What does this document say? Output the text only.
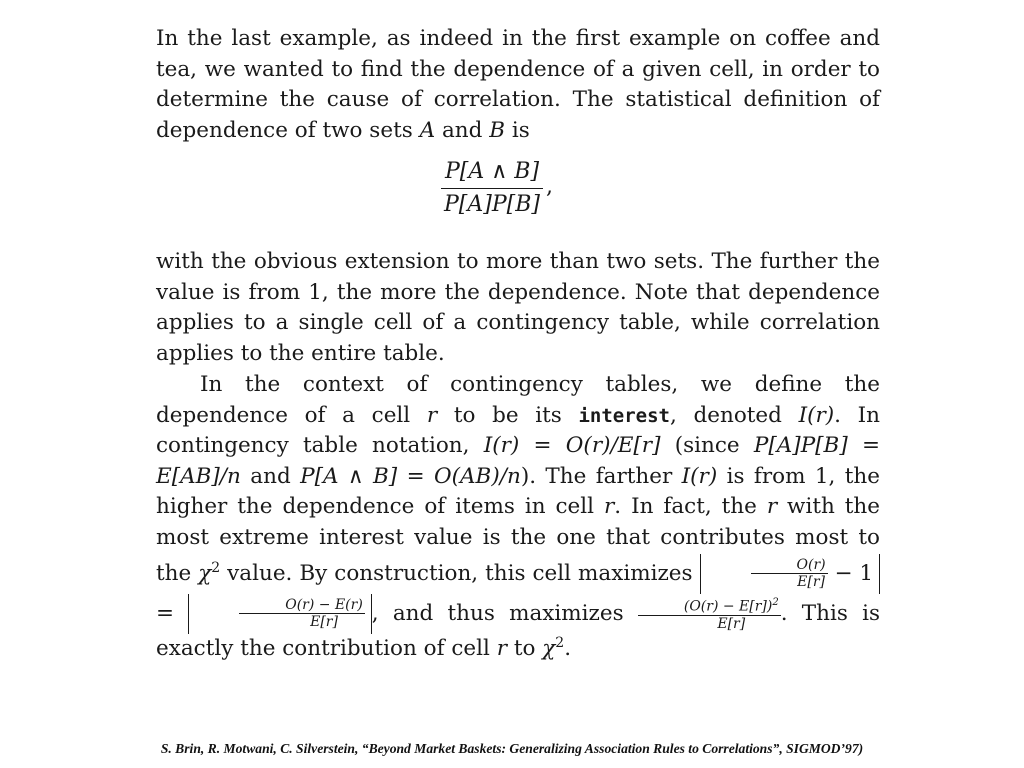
In the last example, as indeed in the first example on coffee and tea, we wanted to find the dependence of a given cell, in order to determine the cause of correlation. The statistical definition of dependence of two sets A and B is
$\frac{P[A \wedge B]}{P[A]P[B]}$ ,
with the obvious extension to more than two sets. The further the value is from 1, the more the dependence. Note that dependence applies to a single cell of a contingency table, while correlation applies to the entire table.
In the context of contingency tables, we define the dependence of a cell r to be its interest, denoted I(r). In contingency table notation, I(r) = O(r)/E[r] (since P[A]P[B] = E[AB]/n and P[A ∧ B] = O(AB)/n). The farther I(r) is from 1, the higher the dependence of items in cell r. In fact, the r with the most extreme interest value is the one that contributes most to the $\chi^2$ value. By construction, this cell maximizes	$\frac{O(r)}{E[r]} - 1$ =	$\frac{O(r) - E(r)}{E[r]}$ , and thus maximizes $\frac{(O(r) - E[r])^2}{E[r]}$ . This is exactly the contribution of cell r to $\chi^2$.
S. Brin, R. Motwani, C. Silverstein, “Beyond Market Baskets: Generalizing Association Rules to Correlations”, SIGMOD’97)
